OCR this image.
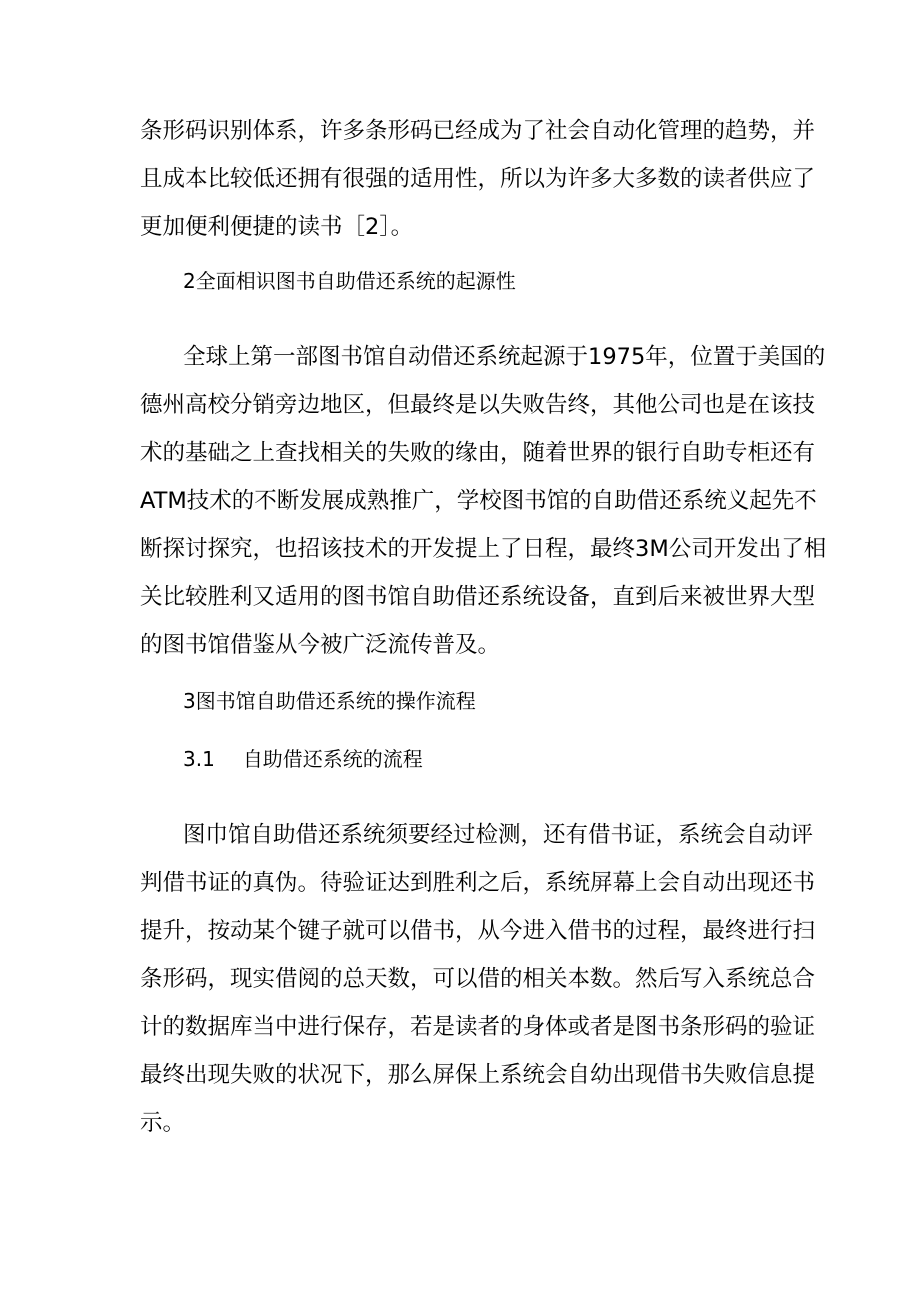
条形码识别体系，许多条形码已经成为了社会自动化管理的趋势，并
且成本比较低还拥有很强的适用性，所以为许多大多数的读者供应了
更加便利便捷的读书［2］。
2全面相识图书自助借还系统的起源性
全球上第一部图书馆自动借还系统起源于1975年，位置于美国的
德州高校分销旁边地区，但最终是以失败告终，其他公司也是在该技
术的基础之上查找相关的失败的缘由，随着世界的银行自助专柜还有
ATM技术的不断发展成熟推广，学校图书馆的自助借还系统义起先不
断探讨探究，也招该技术的开发提上了日程，最终3M公司开发出了相
关比较胜利又适用的图书馆自助借还系统设备，直到后来被世界大型
的图书馆借鉴从今被广泛流传普及。
3图书馆自助借还系统的操作流程
3.1 自助借还系统的流程
图巾馆自助借还系统须要经过检测，还有借书证，系统会自动评
判借书证的真伪。待验证达到胜利之后，系统屏幕上会自动出现还书
提升，按动某个键子就可以借书，从今进入借书的过程，最终进行扫
条形码，现实借阅的总天数，可以借的相关本数。然后写入系统总合
计的数据库当中进行保存，若是读者的身体或者是图书条形码的验证
最终出现失败的状况下，那么屏保上系统会自幼出现借书失败信息提
示。
